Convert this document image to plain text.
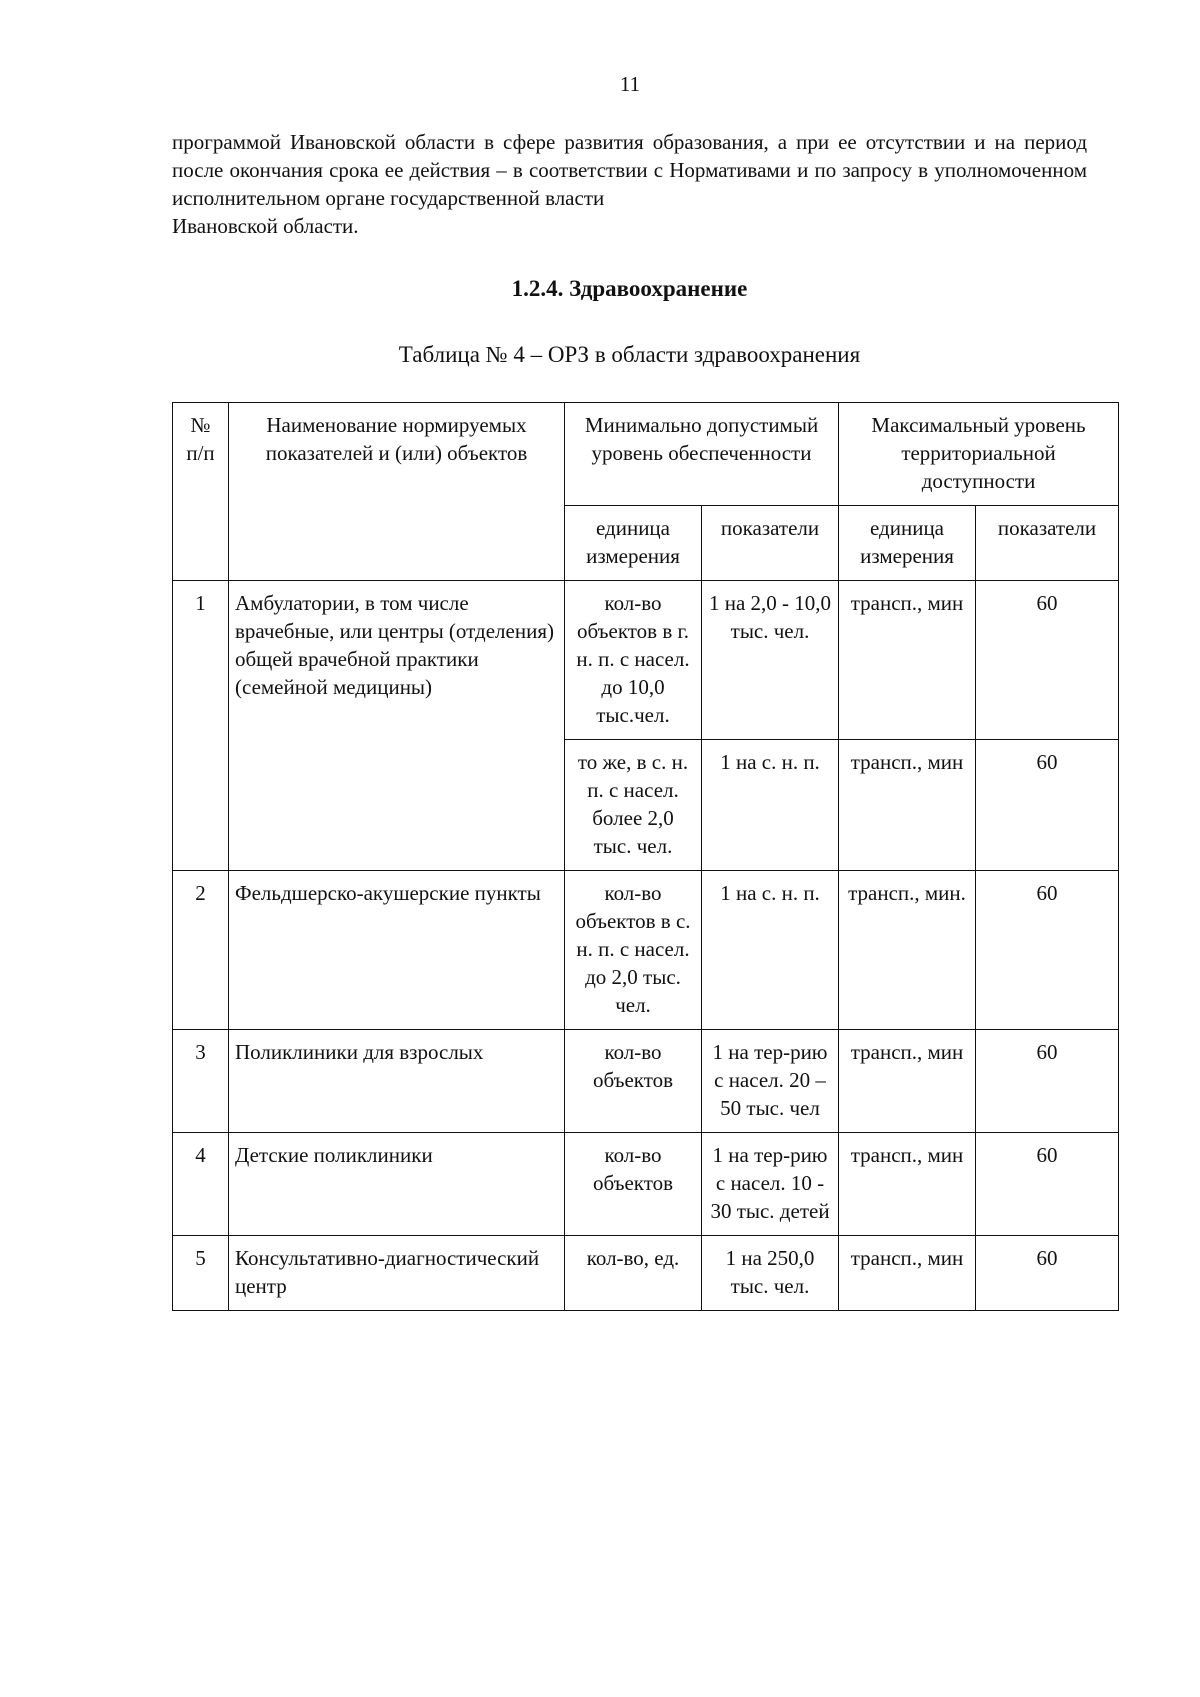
11

программой Ивановской области в сфере развития образования, а при ее отсутствии и на период после окончания срока ее действия – в соответствии с Нормативами и по запросу в уполномоченном исполнительном органе государственной власти
Ивановской области.

1.2.4. Здравоохранение

Таблица № 4 – ОРЗ в области здравоохранения

№
п/п	Наименование нормируемых показателей и (или) объектов	Минимально допустимый уровень обеспеченности		Максимальный уровень территориальной доступности	
		единица измерения	показатели	единица измерения	показатели
1	Амбулатории, в том числе врачебные, или центры (отделения) общей врачебной практики (семейной медицины)	кол-во объектов в г. н. п. с насел. до 10,0 тыс.чел.	1 на 2,0 - 10,0 тыс. чел.	трансп., мин	60
		то же, в с. н. п. с насел. более 2,0 тыс. чел.	1 на с. н. п.	трансп., мин	60
2	Фельдшерско-акушерские пункты	кол-во объектов в с. н. п. с насел. до 2,0 тыс. чел.	1 на с. н. п.	трансп., мин.	60
3	Поликлиники для взрослых	кол-во объектов	1 на тер-рию с насел. 20 – 50 тыс. чел	трансп., мин	60
4	Детские поликлиники	кол-во объектов	1 на тер-рию с насел. 10 - 30 тыс. детей	трансп., мин	60
5	Консультативно-диагностический центр	кол-во, ед.	1 на 250,0 тыс. чел.	трансп., мин	60
